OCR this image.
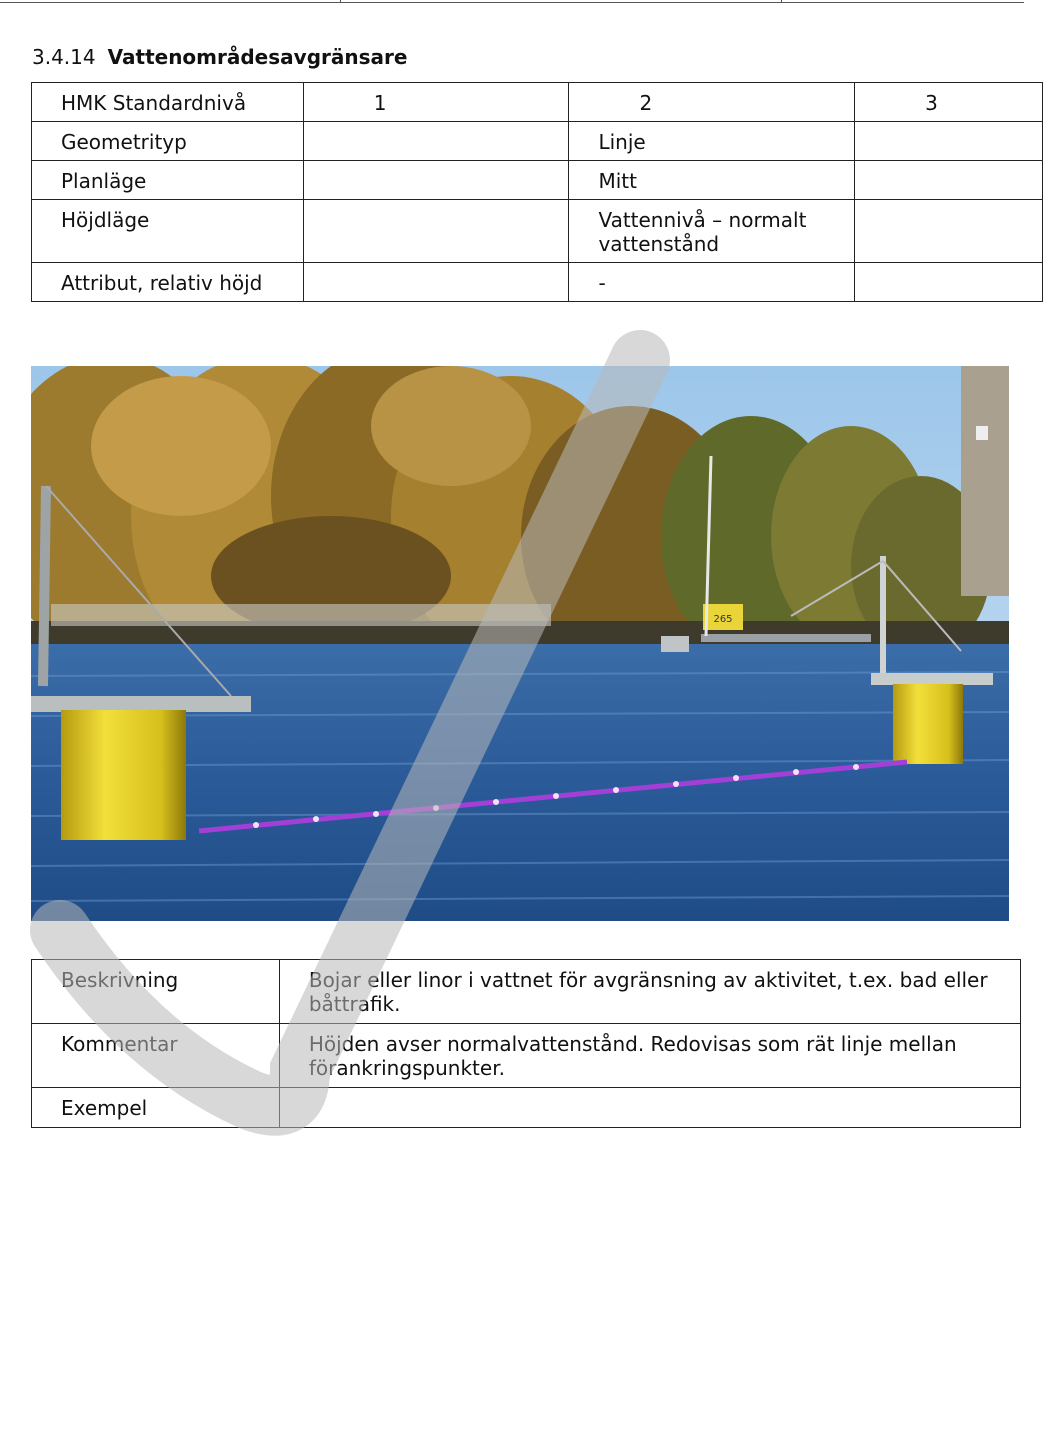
3.4.14 Vattenområdesavgränsare
HMK Standardnivå	1	2	3
Geometrityp		Linje	
Planläge		Mitt	
Höjdläge		Vattennivå – normalt vattenstånd	
Attribut, relativ höjd		-	
265
Beskrivning	Bojar eller linor i vattnet för avgränsning av aktivitet, t.ex. bad eller båttrafik.
Kommentar	Höjden avser normalvattenstånd. Redovisas som rät linje mellan förankringspunkter.
Exempel	
